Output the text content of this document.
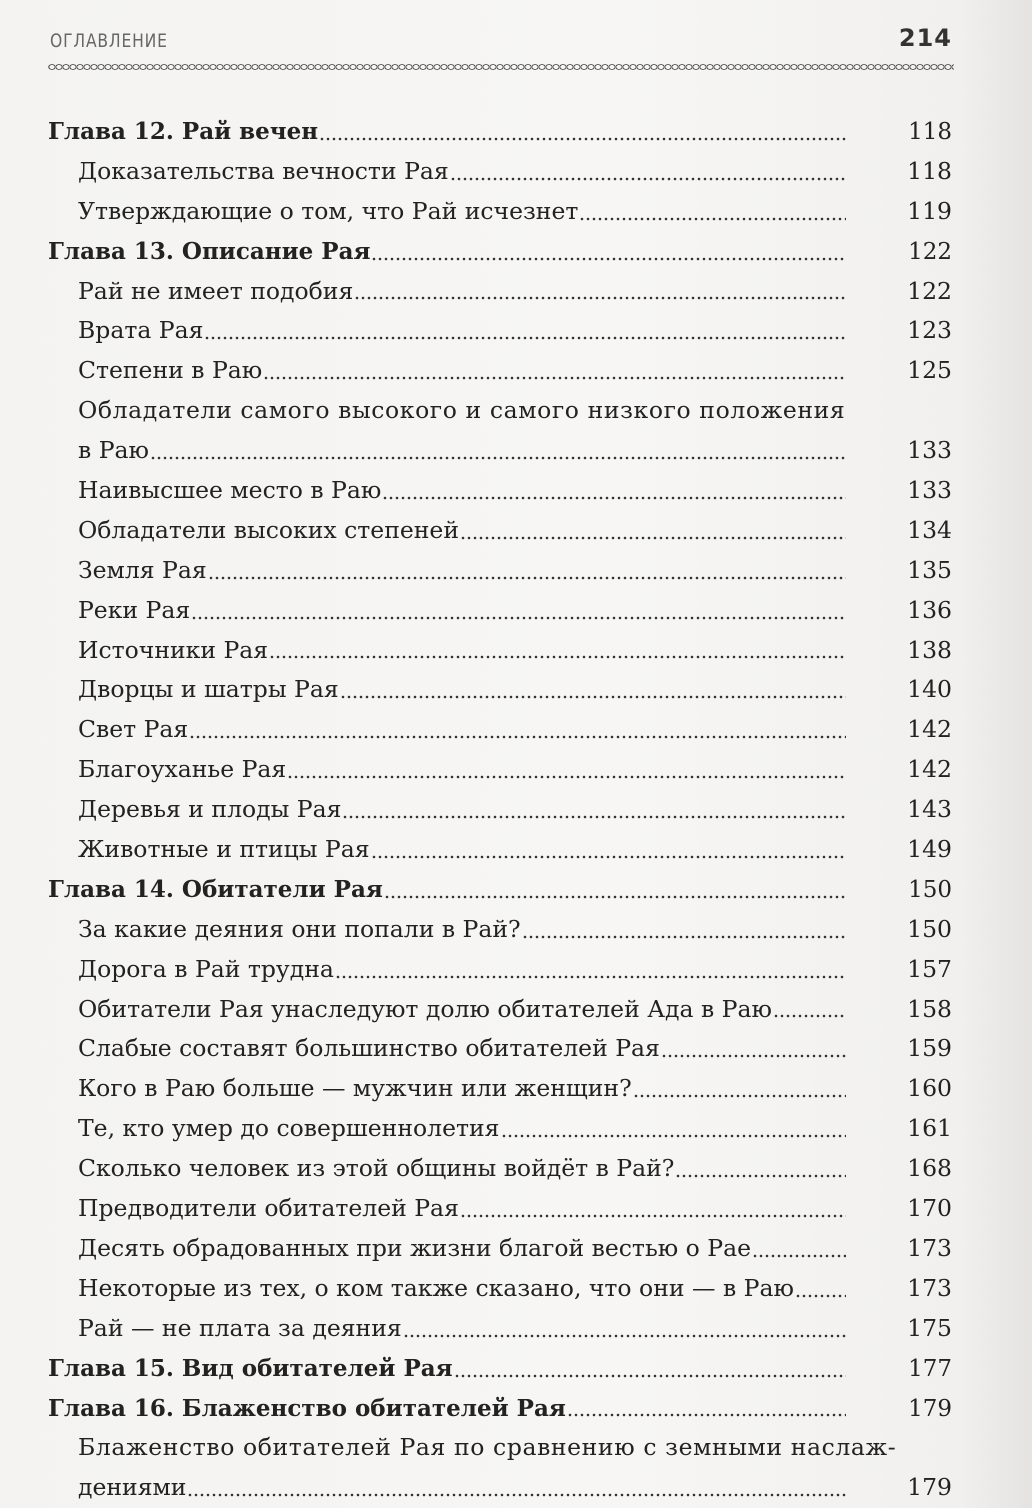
ОГЛАВЛЕНИЕ	214
Глава 12. Рай вечен	118
Доказательства вечности Рая	118
Утверждающие о том, что Рай исчезнет	119
Глава 13. Описание Рая	122
Рай не имеет подобия	122
Врата Рая	123
Степени в Раю	125
Обладатели самого высокого и самого низкого положения
в Раю	133
Наивысшее место в Раю	133
Обладатели высоких степеней	134
Земля Рая	135
Реки Рая	136
Источники Рая	138
Дворцы и шатры Рая	140
Свет Рая	142
Благоуханье Рая	142
Деревья и плоды Рая	143
Животные и птицы Рая	149
Глава 14. Обитатели Рая	150
За какие деяния они попали в Рай?	150
Дорога в Рай трудна	157
Обитатели Рая унаследуют долю обитателей Ада в Раю	158
Слабые составят большинство обитателей Рая	159
Кого в Раю больше — мужчин или женщин?	160
Те, кто умер до совершеннолетия	161
Сколько человек из этой общины войдёт в Рай?	168
Предводители обитателей Рая	170
Десять обрадованных при жизни благой вестью о Рае	173
Некоторые из тех, о ком также сказано, что они — в Раю	173
Рай — не плата за деяния	175
Глава 15. Вид обитателей Рая	177
Глава 16. Блаженство обитателей Рая	179
Блаженство обитателей Рая по сравнению с земными наслаж-
дениями	179
